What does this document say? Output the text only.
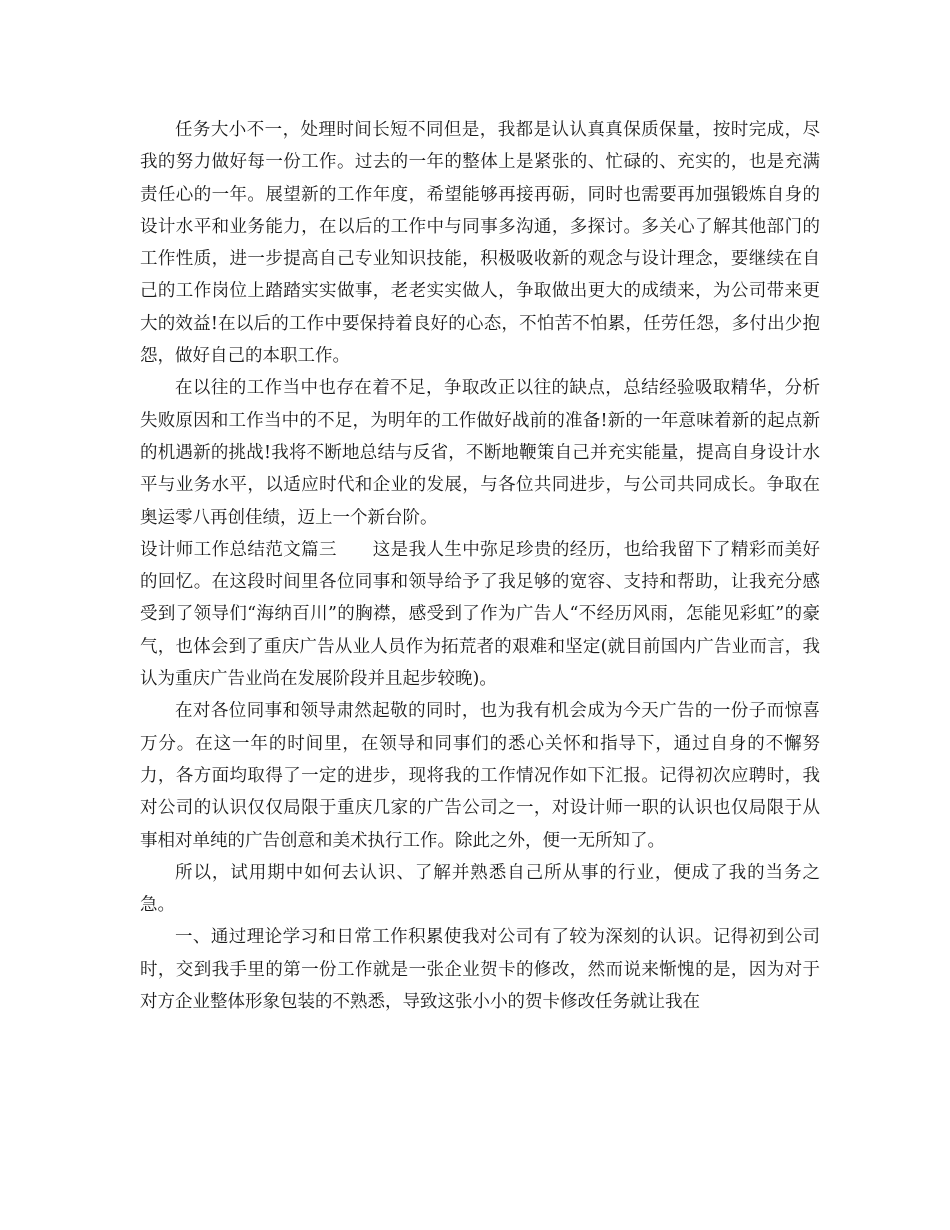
任务大小不一，处理时间长短不同但是，我都是认认真真保质保量，按时完成，尽我的努力做好每一份工作。过去的一年的整体上是紧张的、忙碌的、充实的，也是充满责任心的一年。展望新的工作年度，希望能够再接再砺，同时也需要再加强锻炼自身的设计水平和业务能力，在以后的工作中与同事多沟通，多探讨。多关心了解其他部门的工作性质，进一步提高自己专业知识技能，积极吸收新的观念与设计理念，要继续在自己的工作岗位上踏踏实实做事，老老实实做人，争取做出更大的成绩来，为公司带来更大的效益!在以后的工作中要保持着良好的心态，不怕苦不怕累，任劳任怨，多付出少抱怨，做好自己的本职工作。

在以往的工作当中也存在着不足，争取改正以往的缺点，总结经验吸取精华，分析失败原因和工作当中的不足，为明年的工作做好战前的准备!新的一年意味着新的起点新的机遇新的挑战!我将不断地总结与反省，不断地鞭策自己并充实能量，提高自身设计水平与业务水平，以适应时代和企业的发展，与各位共同进步，与公司共同成长。争取在奥运零八再创佳绩，迈上一个新台阶。

设计师工作总结范文篇三　　这是我人生中弥足珍贵的经历，也给我留下了精彩而美好的回忆。在这段时间里各位同事和领导给予了我足够的宽容、支持和帮助，让我充分感受到了领导们“海纳百川”的胸襟，感受到了作为广告人“不经历风雨，怎能见彩虹”的豪气，也体会到了重庆广告从业人员作为拓荒者的艰难和坚定(就目前国内广告业而言，我认为重庆广告业尚在发展阶段并且起步较晚)。

在对各位同事和领导肃然起敬的同时，也为我有机会成为今天广告的一份子而惊喜万分。在这一年的时间里，在领导和同事们的悉心关怀和指导下，通过自身的不懈努力，各方面均取得了一定的进步，现将我的工作情况作如下汇报。记得初次应聘时，我对公司的认识仅仅局限于重庆几家的广告公司之一，对设计师一职的认识也仅局限于从事相对单纯的广告创意和美术执行工作。除此之外，便一无所知了。

所以，试用期中如何去认识、了解并熟悉自己所从事的行业，便成了我的当务之急。

一、通过理论学习和日常工作积累使我对公司有了较为深刻的认识。记得初到公司时，交到我手里的第一份工作就是一张企业贺卡的修改，然而说来惭愧的是，因为对于对方企业整体形象包装的不熟悉，导致这张小小的贺卡修改任务就让我在
